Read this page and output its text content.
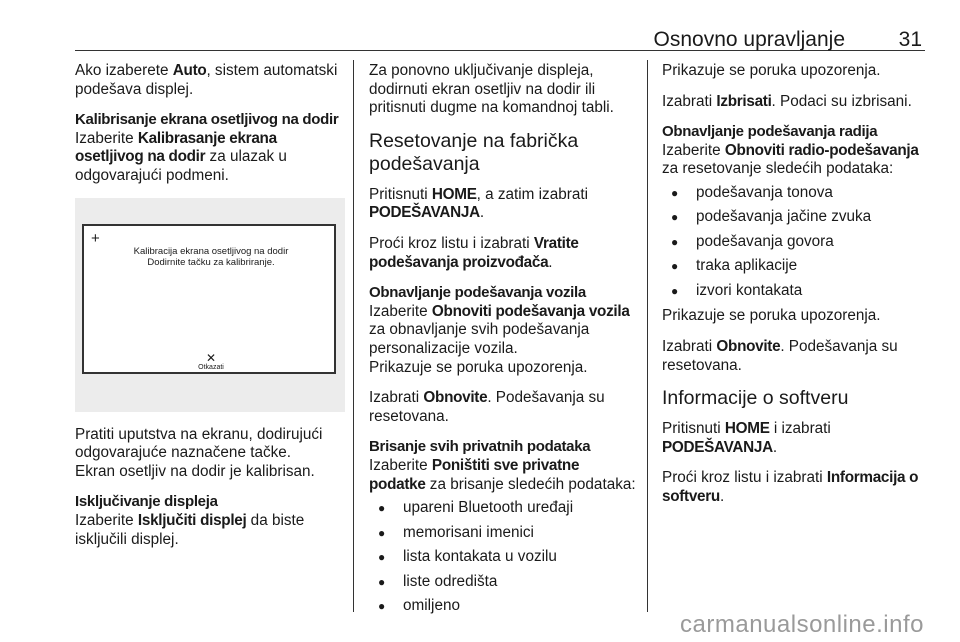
Osnovno upravljanje	31

Ako izaberete Auto, sistem automatski podešava displej.

Kalibrisanje ekrana osetljivog na dodir

Izaberite Kalibrasanje ekrana osetljivog na dodir za ulazak u odgovarajući podmeni.

+
Kalibracija ekrana osetljivog na dodir
Dodirnite tačku za kalibriranje.
✕
Otkazati

Pratiti uputstva na ekranu, dodirujući odgovarajuće naznačene tačke.

Ekran osetljiv na dodir je kalibrisan.

Isključivanje displeja

Izaberite Isključiti displej da biste isključili displej.

Za ponovno uključivanje displeja, dodirnuti ekran osetljiv na dodir ili pritisnuti dugme na komandnoj tabli.

Resetovanje na fabrička podešavanja

Pritisnuti HOME, a zatim izabrati PODEŠAVANJA.

Proći kroz listu i izabrati Vratite podešavanja proizvođača.

Obnavljanje podešavanja vozila

Izaberite Obnoviti podešavanja vozila za obnavljanje svih podešavanja personalizacije vozila.

Prikazuje se poruka upozorenja.

Izabrati Obnovite. Podešavanja su resetovana.

Brisanje svih privatnih podataka

Izaberite Poništiti sve privatne podatke za brisanje sledećih podataka:

● upareni Bluetooth uređaji
● memorisani imenici
● lista kontakata u vozilu
● liste odredišta
● omiljeno

Prikazuje se poruka upozorenja.

Izabrati Izbrisati. Podaci su izbrisani.

Obnavljanje podešavanja radija

Izaberite Obnoviti radio-podešavanja za resetovanje sledećih podataka:

● podešavanja tonova
● podešavanja jačine zvuka
● podešavanja govora
● traka aplikacije
● izvori kontakata

Prikazuje se poruka upozorenja.

Izabrati Obnovite. Podešavanja su resetovana.

Informacije o softveru

Pritisnuti HOME i izabrati PODEŠAVANJA.

Proći kroz listu i izabrati Informacija o softveru.

carmanualsonline.info
